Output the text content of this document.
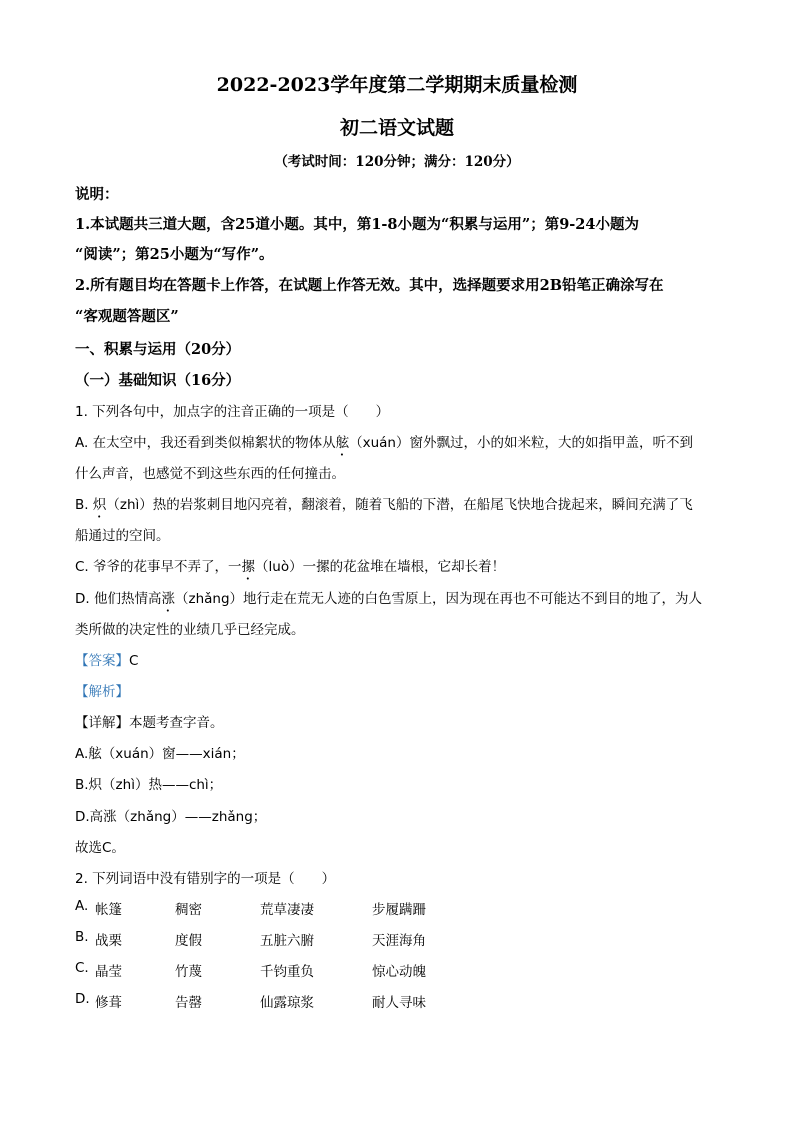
2022-2023学年度第二学期期末质量检测
初二语文试题
（考试时间：120分钟；满分：120分）
说明：
1.本试题共三道大题，含25道小题。其中，第1-8小题为“积累与运用”；第9-24小题为
“阅读”；第25小题为“写作”。
2.所有题目均在答题卡上作答，在试题上作答无效。其中，选择题要求用2B铅笔正确涂写在
“客观题答题区”
一、积累与运用（20分）
（一）基础知识（16分）
1. 下列各句中，加点字的注音正确的一项是（　　）
A. 在太空中，我还看到类似棉絮状的物体从舷（xuán）窗外飘过，小的如米粒，大的如指甲盖，听不到
什么声音，也感觉不到这些东西的任何撞击。
B. 炽（zhì）热的岩浆刺目地闪亮着，翻滚着，随着飞船的下潜，在船尾飞快地合拢起来，瞬间充满了飞
船通过的空间。
C. 爷爷的花事早不弄了，一摞（luò）一摞的花盆堆在墙根，它却长着！
D. 他们热情高涨（zhǎng）地行走在荒无人迹的白色雪原上，因为现在再也不可能达不到目的地了，为人
类所做的决定性的业绩几乎已经完成。
【答案】C
【解析】
【详解】本题考查字音。
A.舷（xuán）窗——xián；
B.炽（zhì）热——chì；
D.高涨（zhǎng）——zhǎng；
故选C。
2. 下列词语中没有错别字的一项是（　　）
A. 帐篷	稠密	荒草凄凄	步履蹒跚
B. 战栗	度假	五脏六腑	天涯海角
C. 晶莹	竹蔑	千钧重负	惊心动魄
D. 修葺	告罄	仙露琼浆	耐人寻味
